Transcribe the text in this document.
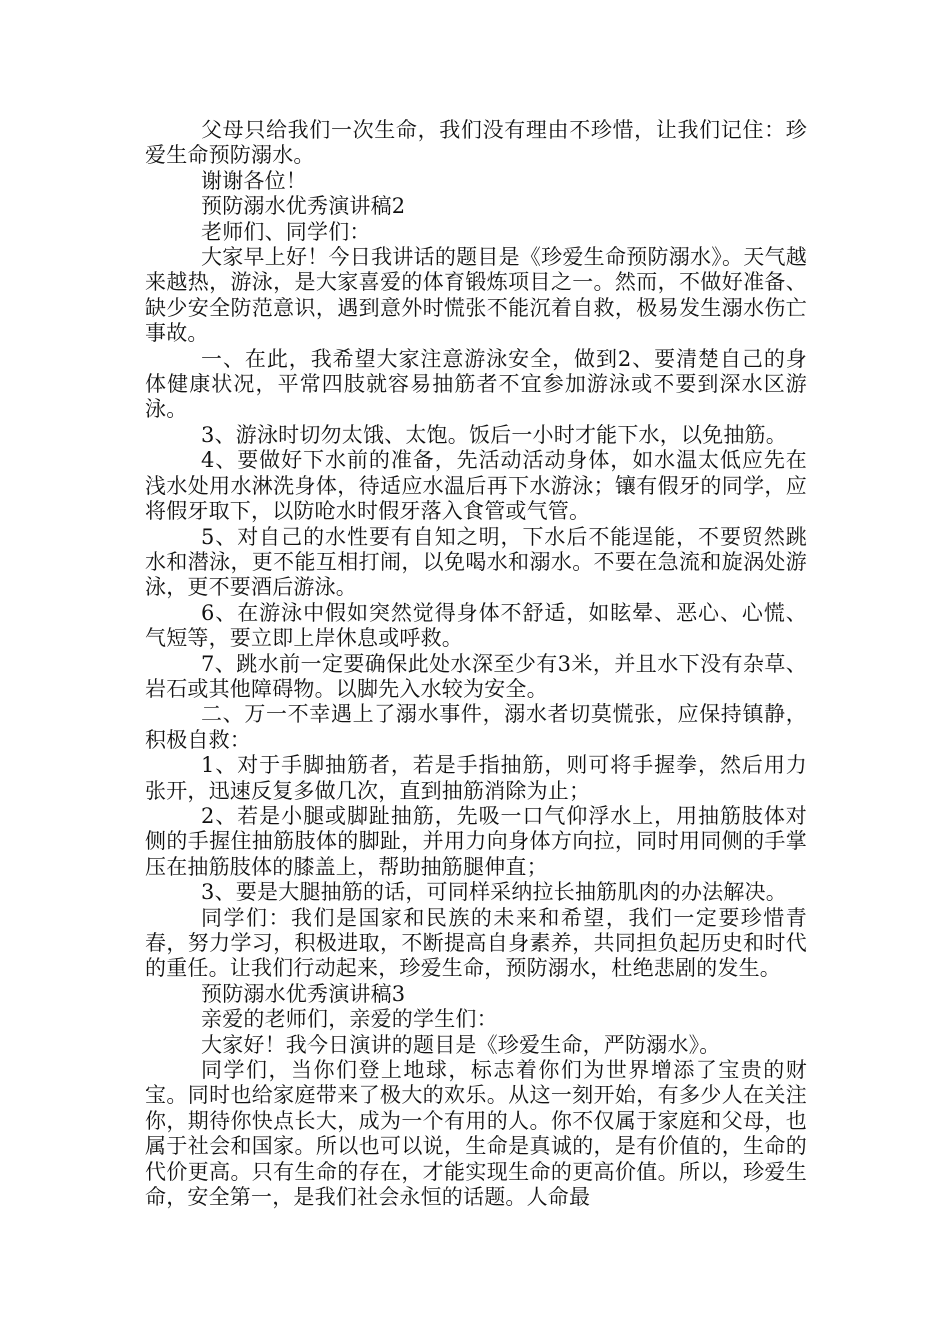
父母只给我们一次生命，我们没有理由不珍惜，让我们记住：珍爱生命预防溺水。

谢谢各位！

预防溺水优秀演讲稿2

老师们、同学们：

大家早上好！今日我讲话的题目是《珍爱生命预防溺水》。天气越来越热，游泳，是大家喜爱的体育锻炼项目之一。然而，不做好准备、缺少安全防范意识，遇到意外时慌张不能沉着自救，极易发生溺水伤亡事故。

一、在此，我希望大家注意游泳安全，做到2、要清楚自己的身体健康状况，平常四肢就容易抽筋者不宜参加游泳或不要到深水区游泳。

3、游泳时切勿太饿、太饱。饭后一小时才能下水，以免抽筋。

4、要做好下水前的准备，先活动活动身体，如水温太低应先在浅水处用水淋洗身体，待适应水温后再下水游泳；镶有假牙的同学，应将假牙取下，以防呛水时假牙落入食管或气管。

5、对自己的水性要有自知之明，下水后不能逞能，不要贸然跳水和潜泳，更不能互相打闹，以免喝水和溺水。不要在急流和旋涡处游泳，更不要酒后游泳。

6、在游泳中假如突然觉得身体不舒适，如眩晕、恶心、心慌、气短等，要立即上岸休息或呼救。

7、跳水前一定要确保此处水深至少有3米，并且水下没有杂草、岩石或其他障碍物。以脚先入水较为安全。

二、万一不幸遇上了溺水事件，溺水者切莫慌张，应保持镇静，积极自救：

1、对于手脚抽筋者，若是手指抽筋，则可将手握拳，然后用力张开，迅速反复多做几次，直到抽筋消除为止；

2、若是小腿或脚趾抽筋，先吸一口气仰浮水上，用抽筋肢体对侧的手握住抽筋肢体的脚趾，并用力向身体方向拉，同时用同侧的手掌压在抽筋肢体的膝盖上，帮助抽筋腿伸直；

3、要是大腿抽筋的话，可同样采纳拉长抽筋肌肉的办法解决。

同学们：我们是国家和民族的未来和希望，我们一定要珍惜青春，努力学习，积极进取，不断提高自身素养，共同担负起历史和时代的重任。让我们行动起来，珍爱生命，预防溺水，杜绝悲剧的发生。

预防溺水优秀演讲稿3

亲爱的老师们，亲爱的学生们：

大家好！我今日演讲的题目是《珍爱生命，严防溺水》。

同学们，当你们登上地球，标志着你们为世界增添了宝贵的财宝。同时也给家庭带来了极大的欢乐。从这一刻开始，有多少人在关注你，期待你快点长大，成为一个有用的人。你不仅属于家庭和父母，也属于社会和国家。所以也可以说，生命是真诚的，是有价值的，生命的代价更高。只有生命的存在，才能实现生命的更高价值。所以，珍爱生命，安全第一，是我们社会永恒的话题。人命最
